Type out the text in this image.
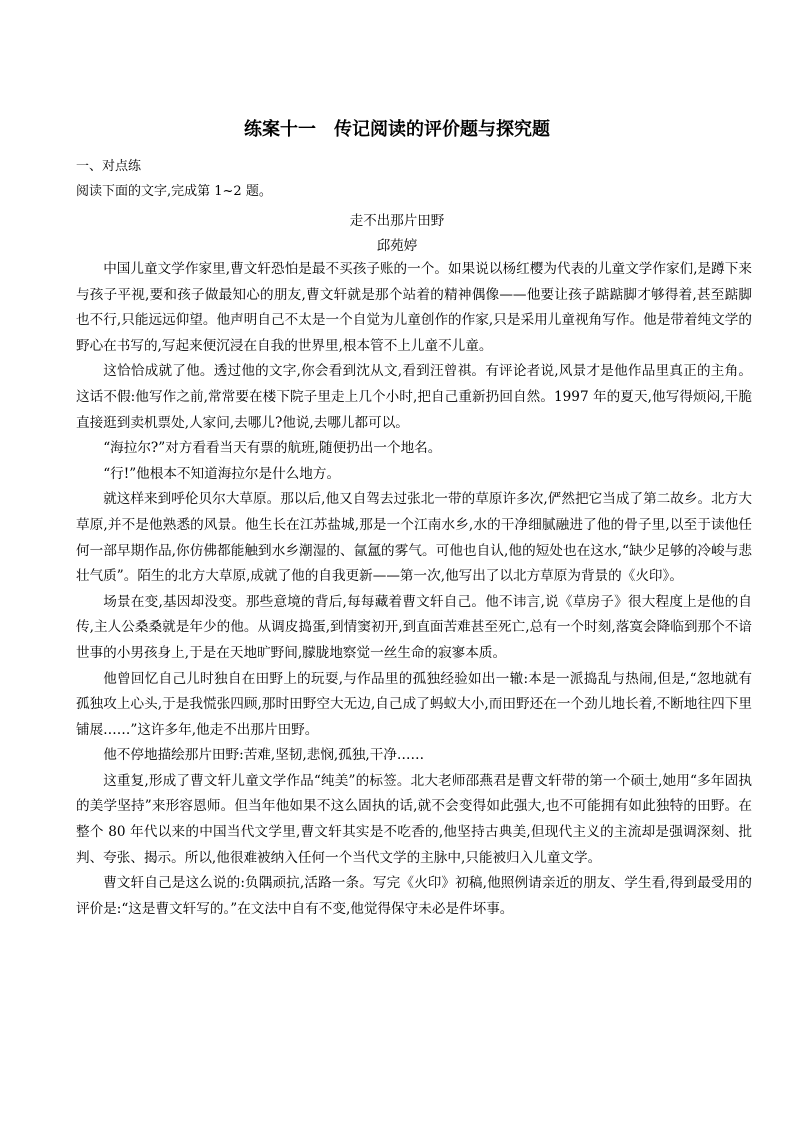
练案十一　传记阅读的评价题与探究题
一、对点练
阅读下面的文字,完成第 1~2 题。
走不出那片田野
邱苑婷

中国儿童文学作家里,曹文轩恐怕是最不买孩子账的一个。如果说以杨红樱为代表的儿童文学作家们,是蹲下来与孩子平视,要和孩子做最知心的朋友,曹文轩就是那个站着的精神偶像——他要让孩子踮踮脚才够得着,甚至踮脚也不行,只能远远仰望。他声明自己不太是一个自觉为儿童创作的作家,只是采用儿童视角写作。他是带着纯文学的野心在书写的,写起来便沉浸在自我的世界里,根本管不上儿童不儿童。

这恰恰成就了他。透过他的文字,你会看到沈从文,看到汪曾祺。有评论者说,风景才是他作品里真正的主角。这话不假:他写作之前,常常要在楼下院子里走上几个小时,把自己重新扔回自然。1997 年的夏天,他写得烦闷,干脆直接逛到卖机票处,人家问,去哪儿?他说,去哪儿都可以。

“海拉尔?”对方看看当天有票的航班,随便扔出一个地名。

“行!”他根本不知道海拉尔是什么地方。

就这样来到呼伦贝尔大草原。那以后,他又自驾去过张北一带的草原许多次,俨然把它当成了第二故乡。北方大草原,并不是他熟悉的风景。他生长在江苏盐城,那是一个江南水乡,水的干净细腻融进了他的骨子里,以至于读他任何一部早期作品,你仿佛都能触到水乡潮湿的、氤氲的雾气。可他也自认,他的短处也在这水,“缺少足够的冷峻与悲壮气质”。陌生的北方大草原,成就了他的自我更新——第一次,他写出了以北方草原为背景的《火印》。

场景在变,基因却没变。那些意境的背后,每每藏着曹文轩自己。他不讳言,说《草房子》很大程度上是他的自传,主人公桑桑就是年少的他。从调皮捣蛋,到情窦初开,到直面苦难甚至死亡,总有一个时刻,落寞会降临到那个不谙世事的小男孩身上,于是在天地旷野间,朦胧地察觉一丝生命的寂寥本质。

他曾回忆自己儿时独自在田野上的玩耍,与作品里的孤独经验如出一辙:本是一派捣乱与热闹,但是,“忽地就有孤独攻上心头,于是我慌张四顾,那时田野空大无边,自己成了蚂蚁大小,而田野还在一个劲儿地长着,不断地往四下里铺展……”这许多年,他走不出那片田野。

他不停地描绘那片田野:苦难,坚韧,悲悯,孤独,干净……

这重复,形成了曹文轩儿童文学作品“纯美”的标签。北大老师邵燕君是曹文轩带的第一个硕士,她用“多年固执的美学坚持”来形容恩师。但当年他如果不这么固执的话,就不会变得如此强大,也不可能拥有如此独特的田野。在整个 80 年代以来的中国当代文学里,曹文轩其实是不吃香的,他坚持古典美,但现代主义的主流却是强调深刻、批判、夸张、揭示。所以,他很难被纳入任何一个当代文学的主脉中,只能被归入儿童文学。

曹文轩自己是这么说的:负隅顽抗,活路一条。写完《火印》初稿,他照例请亲近的朋友、学生看,得到最受用的评价是:“这是曹文轩写的。”在文法中自有不变,他觉得保守未必是件坏事。
